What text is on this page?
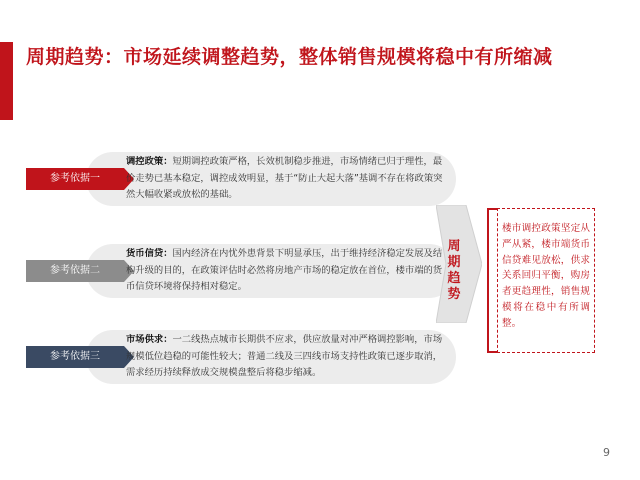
周期趋势：市场延续调整趋势，整体销售规模将稳中有所缩减
参考依据一
调控政策：短期调控政策严格，长效机制稳步推进，市场情绪已归于理性，最价走势已基本稳定，调控成效明显，基于“防止大起大落”基调不存在将政策突然大幅收紧或放松的基础。
参考依据二
货币信贷：国内经济在内忧外患背景下明显承压，出于维持经济稳定发展及结构升级的目的，在政策评估时必然将房地产市场的稳定放在首位，楼市端的货币信贷环境将保持相对稳定。
参考依据三
市场供求：一二线热点城市长期供不应求，供应放量对冲严格调控影响，市场规模低位趋稳的可能性较大；普通二线及三四线市场支持性政策已逐步取消，需求经历持续释放成交规模盘整后将稳步缩减。
周期趋势
楼市调控政策坚定从严从紧，楼市端货币信贷难见放松，供求关系回归平衡，购房者更趋理性，销售规模将在稳中有所调整。
9
